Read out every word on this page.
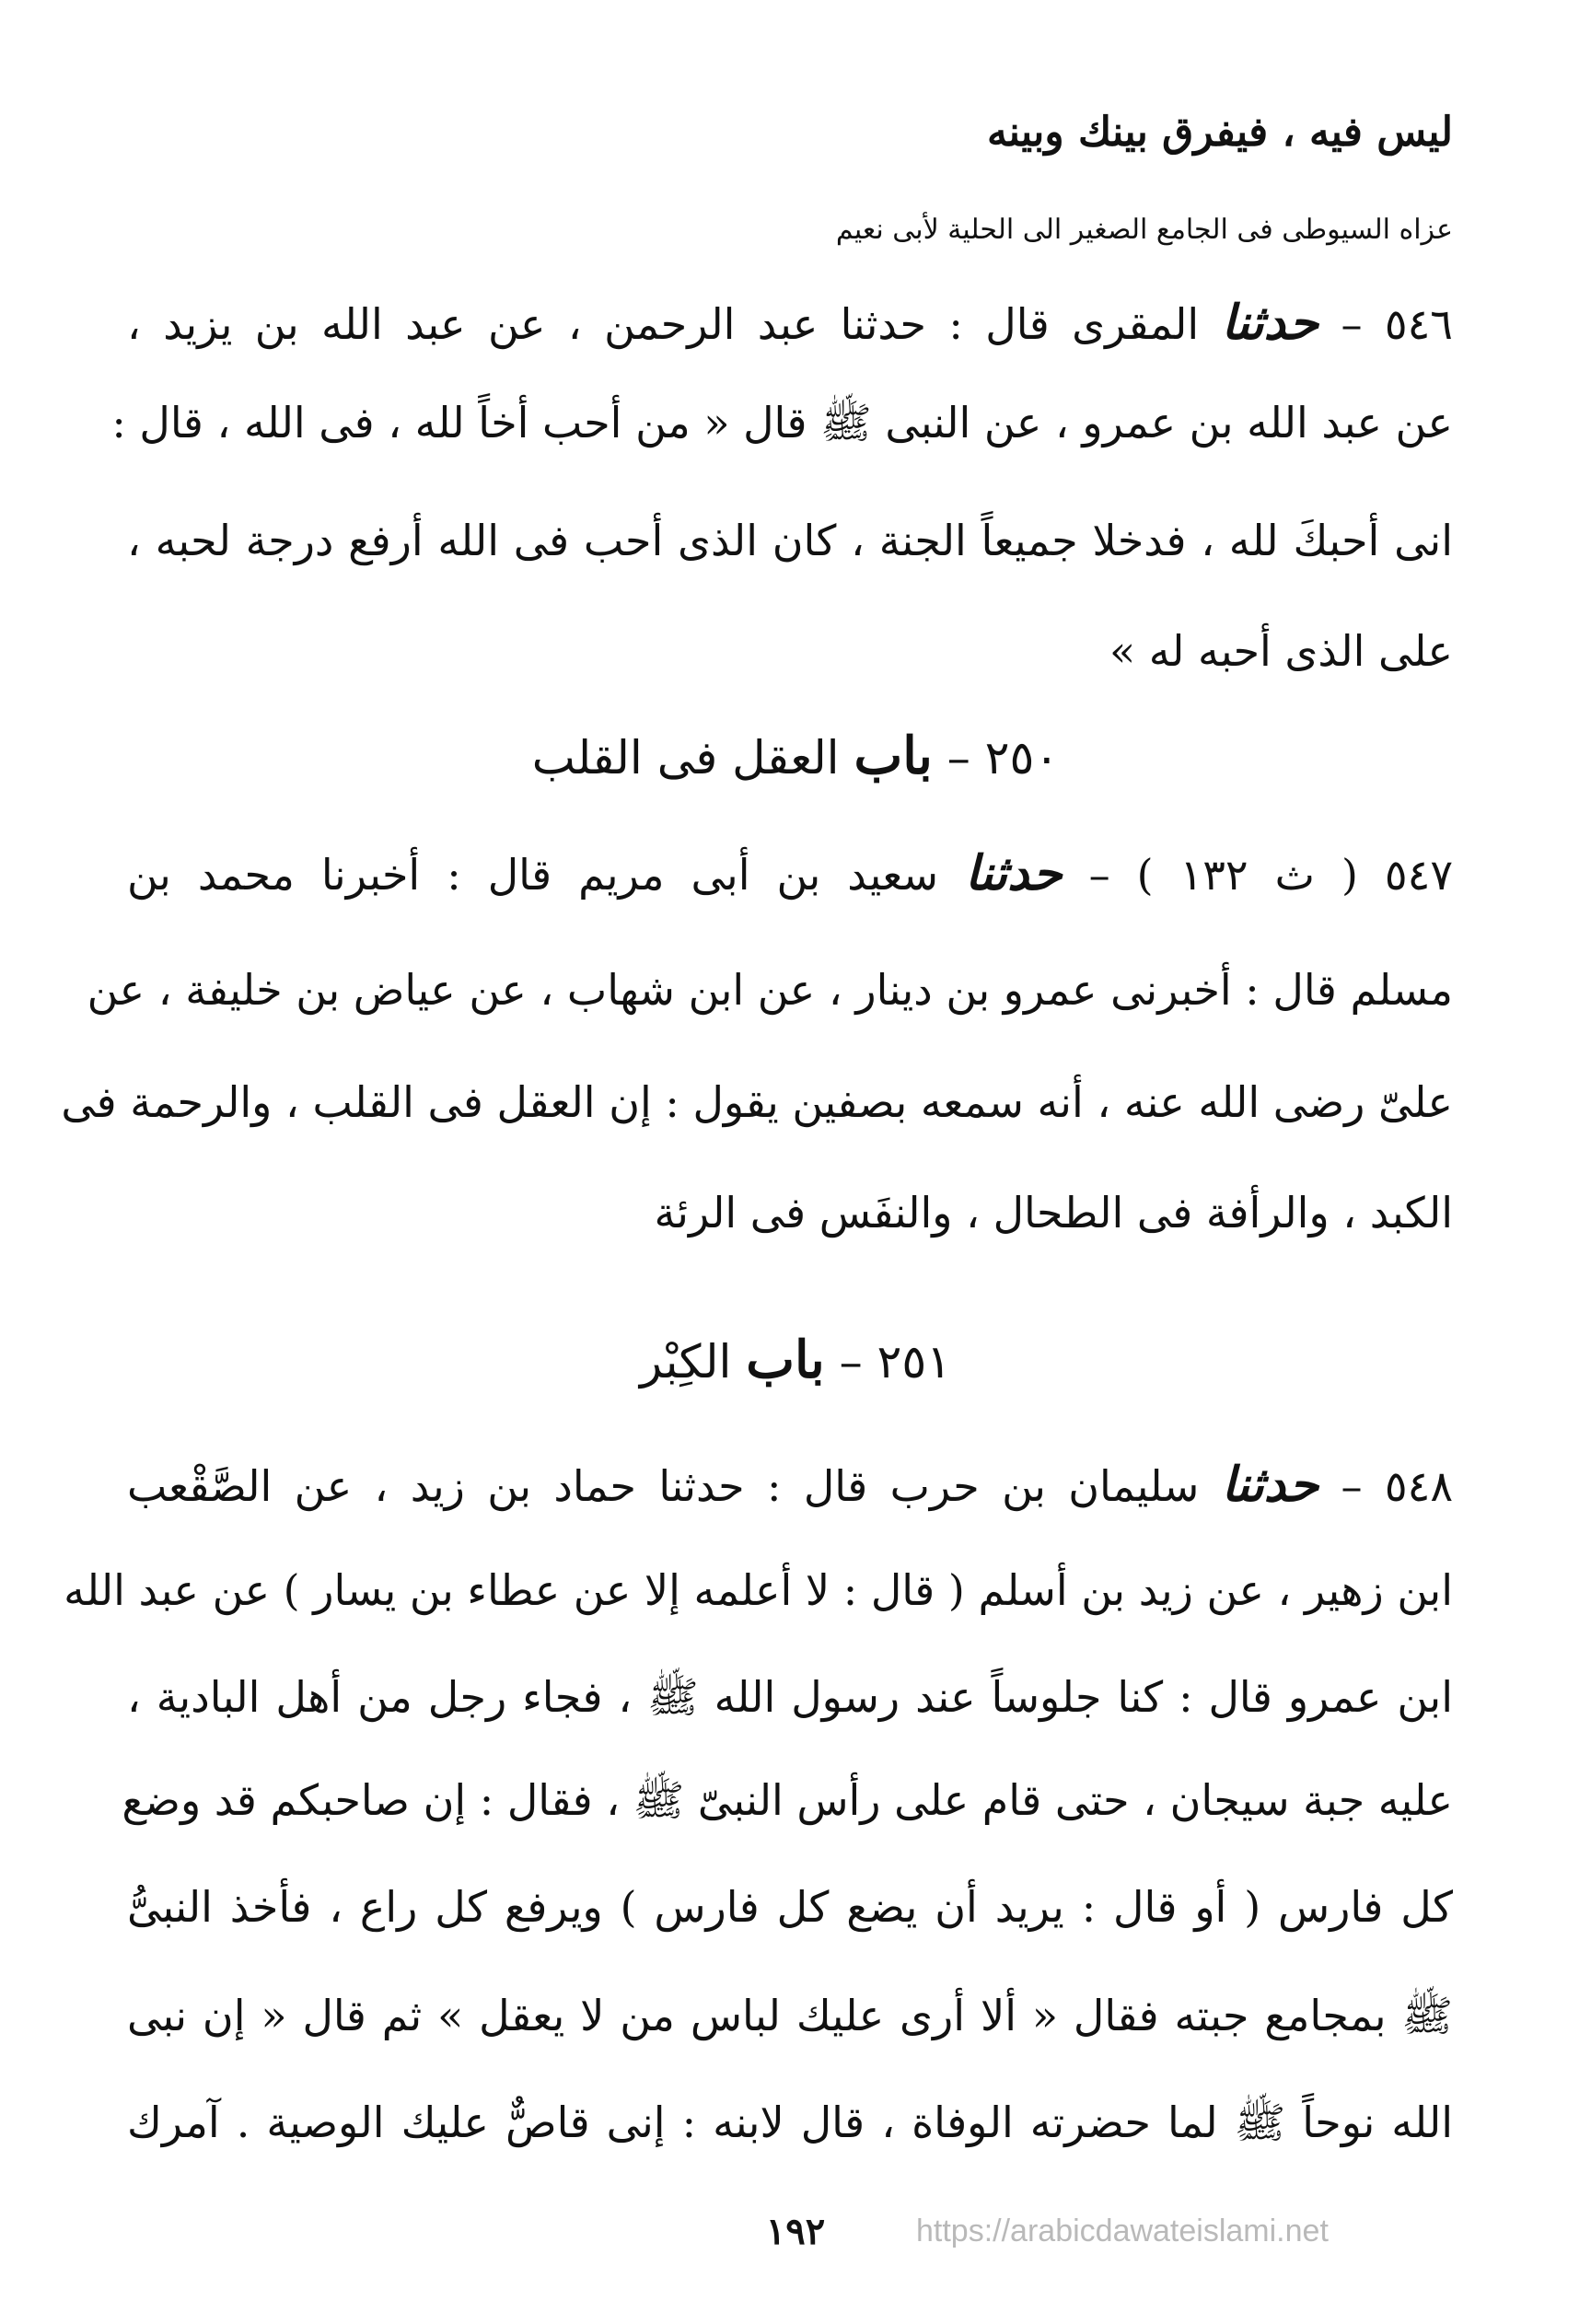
ليس فيه ، فيفرق بينك وبينه
عزاه السيوطى فى الجامع الصغير الى الحلية لأبى نعيم
٥٤٦ – حدثنا المقرى قال : حدثنا عبد الرحمن ، عن عبد الله بن يزيد ،
عن عبد الله بن عمرو ، عن النبى ﷺ قال « من أحب أخاً لله ، فى الله ، قال :
انى أحبكَ لله ، فدخلا جميعاً الجنة ، كان الذى أحب فى الله أرفع درجة لحبه ،
على الذى أحبه له »
٢٥٠ – باب العقل فى القلب
٥٤٧ ( ث ١٣٢ ) – حدثنا سعيد بن أبى مريم قال : أخبرنا محمد بن
مسلم قال : أخبرنى عمرو بن دينار ، عن ابن شهاب ، عن عياض بن خليفة ، عن
علىّ رضى الله عنه ، أنه سمعه بصفين يقول : إن العقل فى القلب ، والرحمة فى
الكبد ، والرأفة فى الطحال ، والنفَس فى الرئة
٢٥١ – باب الكِبْر
٥٤٨ – حدثنا سليمان بن حرب قال : حدثنا حماد بن زيد ، عن الصَّقْعب
ابن زهير ، عن زيد بن أسلم ( قال : لا أعلمه إلا عن عطاء بن يسار ) عن عبد الله
ابن عمرو قال : كنا جلوساً عند رسول الله ﷺ ، فجاء رجل من أهل البادية ،
عليه جبة سيجان ، حتى قام على رأس النبىّ ﷺ ، فقال : إن صاحبكم قد وضع
كل فارس ( أو قال : يريد أن يضع كل فارس ) ويرفع كل راع ، فأخذ النبىُّ
ﷺ بمجامع جبته فقال « ألا أرى عليك لباس من لا يعقل » ثم قال « إن نبى
الله نوحاً ﷺ لما حضرته الوفاة ، قال لابنه : إنى قاصٌّ عليك الوصية . آمرك
١٩٢	https://arabicdawateislami.net
